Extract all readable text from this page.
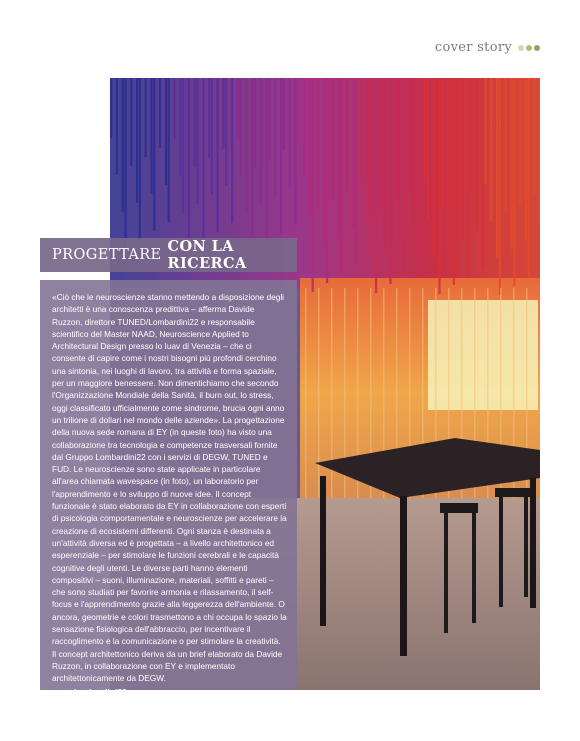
cover story
PROGETTARE CON LA RICERCA

«Ciò che le neuroscienze stanno mettendo a disposizione degli architetti è una conoscenza predittiva – afferma Davide Ruzzon, direttore TUNED/Lombardini22 e responsabile scientifico del Master NAAD, Neuroscience Applied to Architectural Design presso lo Iuav di Venezia – che ci consente di capire come i nostri bisogni più profondi cerchino una sintonia, nei luoghi di lavoro, tra attività e forma spaziale, per un maggiore benessere. Non dimentichiamo che secondo l'Organizzazione Mondiale della Sanità, il burn out, lo stress, oggi classificato ufficialmente come sindrome, brucia ogni anno un trilione di dollari nel mondo delle aziende». La progettazione della nuova sede romana di EY (in queste foto) ha visto una collaborazione tra tecnologia e competenze trasversali fornite dal Gruppo Lombardini22 con i servizi di DEGW, TUNED e FUD. Le neuroscienze sono state applicate in particolare all'area chiamata wavespace (in foto), un laboratorio per l'apprendimento e lo sviluppo di nuove idee. Il concept funzionale è stato elaborato da EY in collaborazione con esperti di psicologia comportamentale e neuroscienze per accelerare la creazione di ecosistemi differenti. Ogni stanza è destinata a un'attività diversa ed è progettata – a livello architettonico ed esperenziale – per stimolare le funzioni cerebrali e le capacità cognitive degli utenti. Le diverse parti hanno elementi compositivi – suoni, illuminazione, materiali, soffitti e pareti – che sono studiati per favorire armonia e rilassamento, il self-focus e l'apprendimento grazie alla leggerezza dell'ambiente. O ancora, geometrie e colori trasmettono a chi occupa lo spazio la sensazione fisiologica dell'abbraccio, per incentivare il raccoglimento e la comunicazione o per stimolare la creatività. Il concept architettonico deriva da un brief elaborato da Davide Ruzzon, in collaborazione con EY e implementato architettonicamente da DEGW.

www.lombardini22.com
